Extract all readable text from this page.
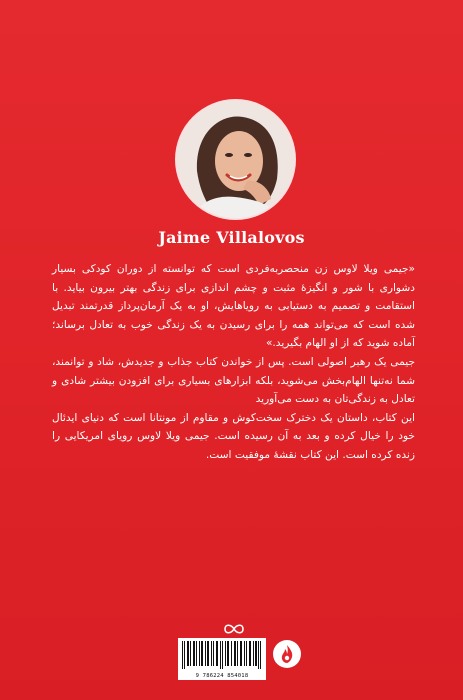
Jaime Villalovos

«جیمی ویلا لاوس زن منحصربه‌فردی است که توانسته از دوران کودکی بسیار دشواری با شور و انگیزهٔ مثبت و چشم اندازی برای زندگی بهتر بیرون بیاید. با استقامت و تصمیم به دستیابی به رویاهایش، او به یک آرمان‌پرداز قدرتمند تبدیل شده است که می‌تواند همه را برای رسیدن به یک زندگی خوب به تعادل برساند؛ آماده شوید که از او الهام بگیرید.»

جیمی یک رهبر اصولی است. پس از خواندن کتاب جذاب و جدیدش، شاد و توانمند، شما نه‌تنها الهام‌بخش می‌شوید، بلکه ابزارهای بسیاری برای افزودن بیشتر شادی و تعادل به زندگی‌تان به دست می‌آورید

این کتاب، داستان یک دخترک سخت‌کوش و مقاوم از مونتانا است که دنیای ایدئال خود را خیال کرده و بعد به آن رسیده است. جیمی ویلا لاوس رویای امریکایی را زنده کرده است. این کتاب نقشهٔ موفقیت است.

9 786224 854018
